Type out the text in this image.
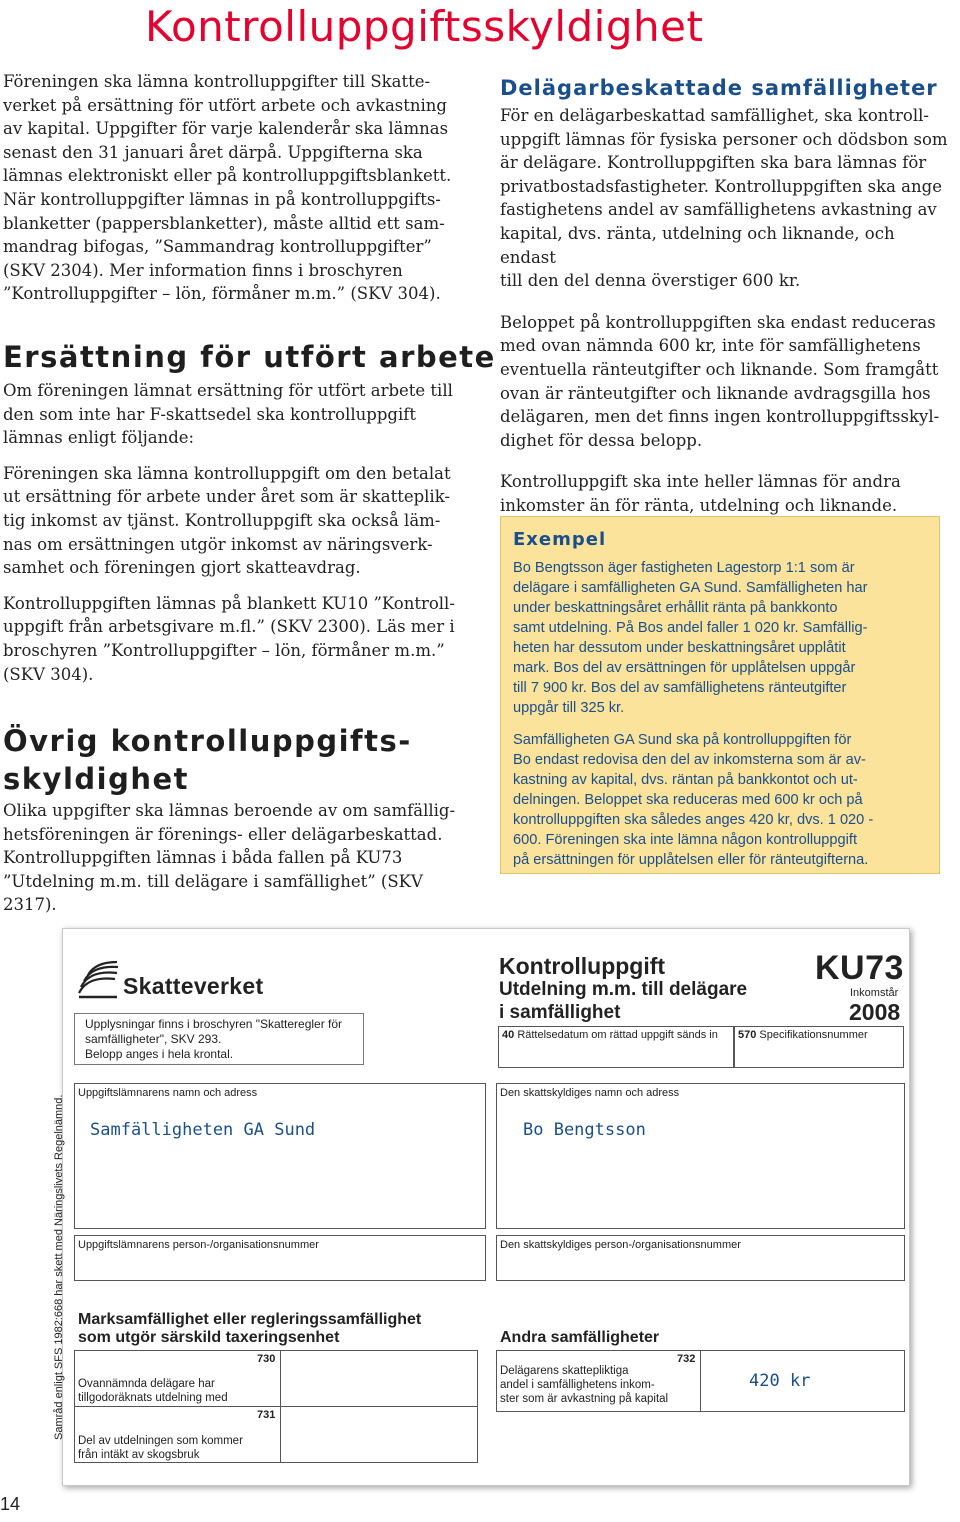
Kontrolluppgiftsskyldighet

Föreningen ska lämna kontrolluppgifter till Skatte-
verket på ersättning för utfört arbete och avkastning
av kapital. Uppgifter för varje kalenderår ska lämnas
senast den 31 januari året därpå. Uppgifterna ska
lämnas elektroniskt eller på kontrolluppgiftsblankett.
När kontrolluppgifter lämnas in på kontrolluppgifts-
blanketter (pappersblanketter), måste alltid ett sam-
mandrag bifogas, ”Sammandrag kontrolluppgifter”
(SKV 2304). Mer information finns i broschyren
”Kontrolluppgifter – lön, förmåner m.m.” (SKV 304).

Ersättning för utfört arbete

Om föreningen lämnat ersättning för utfört arbete till
den som inte har F-skattsedel ska kontrolluppgift
lämnas enligt följande:

Föreningen ska lämna kontrolluppgift om den betalat
ut ersättning för arbete under året som är skatteplik-
tig inkomst av tjänst. Kontrolluppgift ska också läm-
nas om ersättningen utgör inkomst av näringsverk-
samhet och föreningen gjort skatteavdrag.

Kontrolluppgiften lämnas på blankett KU10 ”Kontroll-
uppgift från arbetsgivare m.fl.” (SKV 2300). Läs mer i
broschyren ”Kontrolluppgifter – lön, förmåner m.m.”
(SKV 304).

Övrig kontrolluppgifts-
skyldighet

Olika uppgifter ska lämnas beroende av om samfällig-
hetsföreningen är förenings- eller delägarbeskattad.
Kontrolluppgiften lämnas i båda fallen på KU73
”Utdelning m.m. till delägare i samfällighet” (SKV 2317).

Delägarbeskattade samfälligheter

För en delägarbeskattad samfällighet, ska kontroll-
uppgift lämnas för fysiska personer och dödsbon som
är delägare. Kontrolluppgiften ska bara lämnas för
privatbostadsfastigheter. Kontrolluppgiften ska ange
fastighetens andel av samfällighetens avkastning av
kapital, dvs. ränta, utdelning och liknande, och endast
till den del denna överstiger 600 kr.

Beloppet på kontrolluppgiften ska endast reduceras
med ovan nämnda 600 kr, inte för samfällighetens
eventuella ränteutgifter och liknande. Som framgått
ovan är ränteutgifter och liknande avdragsgilla hos
delägaren, men det finns ingen kontrolluppgiftsskyl-
dighet för dessa belopp.

Kontrolluppgift ska inte heller lämnas för andra
inkomster än för ränta, utdelning och liknande.

Exempel

Bo Bengtsson äger fastigheten Lagestorp 1:1 som är
delägare i samfälligheten GA Sund. Samfälligheten har
under beskattningsåret erhållit ränta på bankkonto
samt utdelning. På Bos andel faller 1 020 kr. Samfällig-
heten har dessutom under beskattningsåret upplåtit
mark. Bos del av ersättningen för upplåtelsen uppgår
till 7 900 kr. Bos del av samfällighetens ränteutgifter
uppgår till 325 kr.

Samfälligheten GA Sund ska på kontrolluppgiften för
Bo endast redovisa den del av inkomsterna som är av-
kastning av kapital, dvs. räntan på bankkontot och ut-
delningen. Beloppet ska reduceras med 600 kr och på
kontrolluppgiften ska således anges 420 kr, dvs. 1 020 -
600. Föreningen ska inte lämna någon kontrolluppgift
på ersättningen för upplåtelsen eller för ränteutgifterna.

Skatteverket
Upplysningar finns i broschyren "Skatteregler för
samfälligheter", SKV 293.
Belopp anges i hela krontal.
Kontrolluppgift
Utdelning m.m. till delägare
i samfällighet
KU73
Inkomstår
2008
40 Rättelsedatum om rättad uppgift sänds in 570 Specifikationsnummer
Samråd enligt SFS 1982:668 har skett med Näringslivets Regelnämnd.
Uppgiftslämnarens namn och adress
Samfälligheten GA Sund
Den skattskyldiges namn och adress
Bo Bengtsson
Uppgiftslämnarens person-/organisationsnummer	Den skattskyldiges person-/organisationsnummer
Marksamfällighet eller regleringssamfällighet
som utgör särskild taxeringsenhet
Ovannämnda delägare har
tillgodoräknats utdelning med
730
Del av utdelningen som kommer
från intäkt av skogsbruk
731
Andra samfälligheter
Delägarens skattepliktiga
andel i samfällighetens inkom-
ster som är avkastning på kapital
732
420 kr
14
